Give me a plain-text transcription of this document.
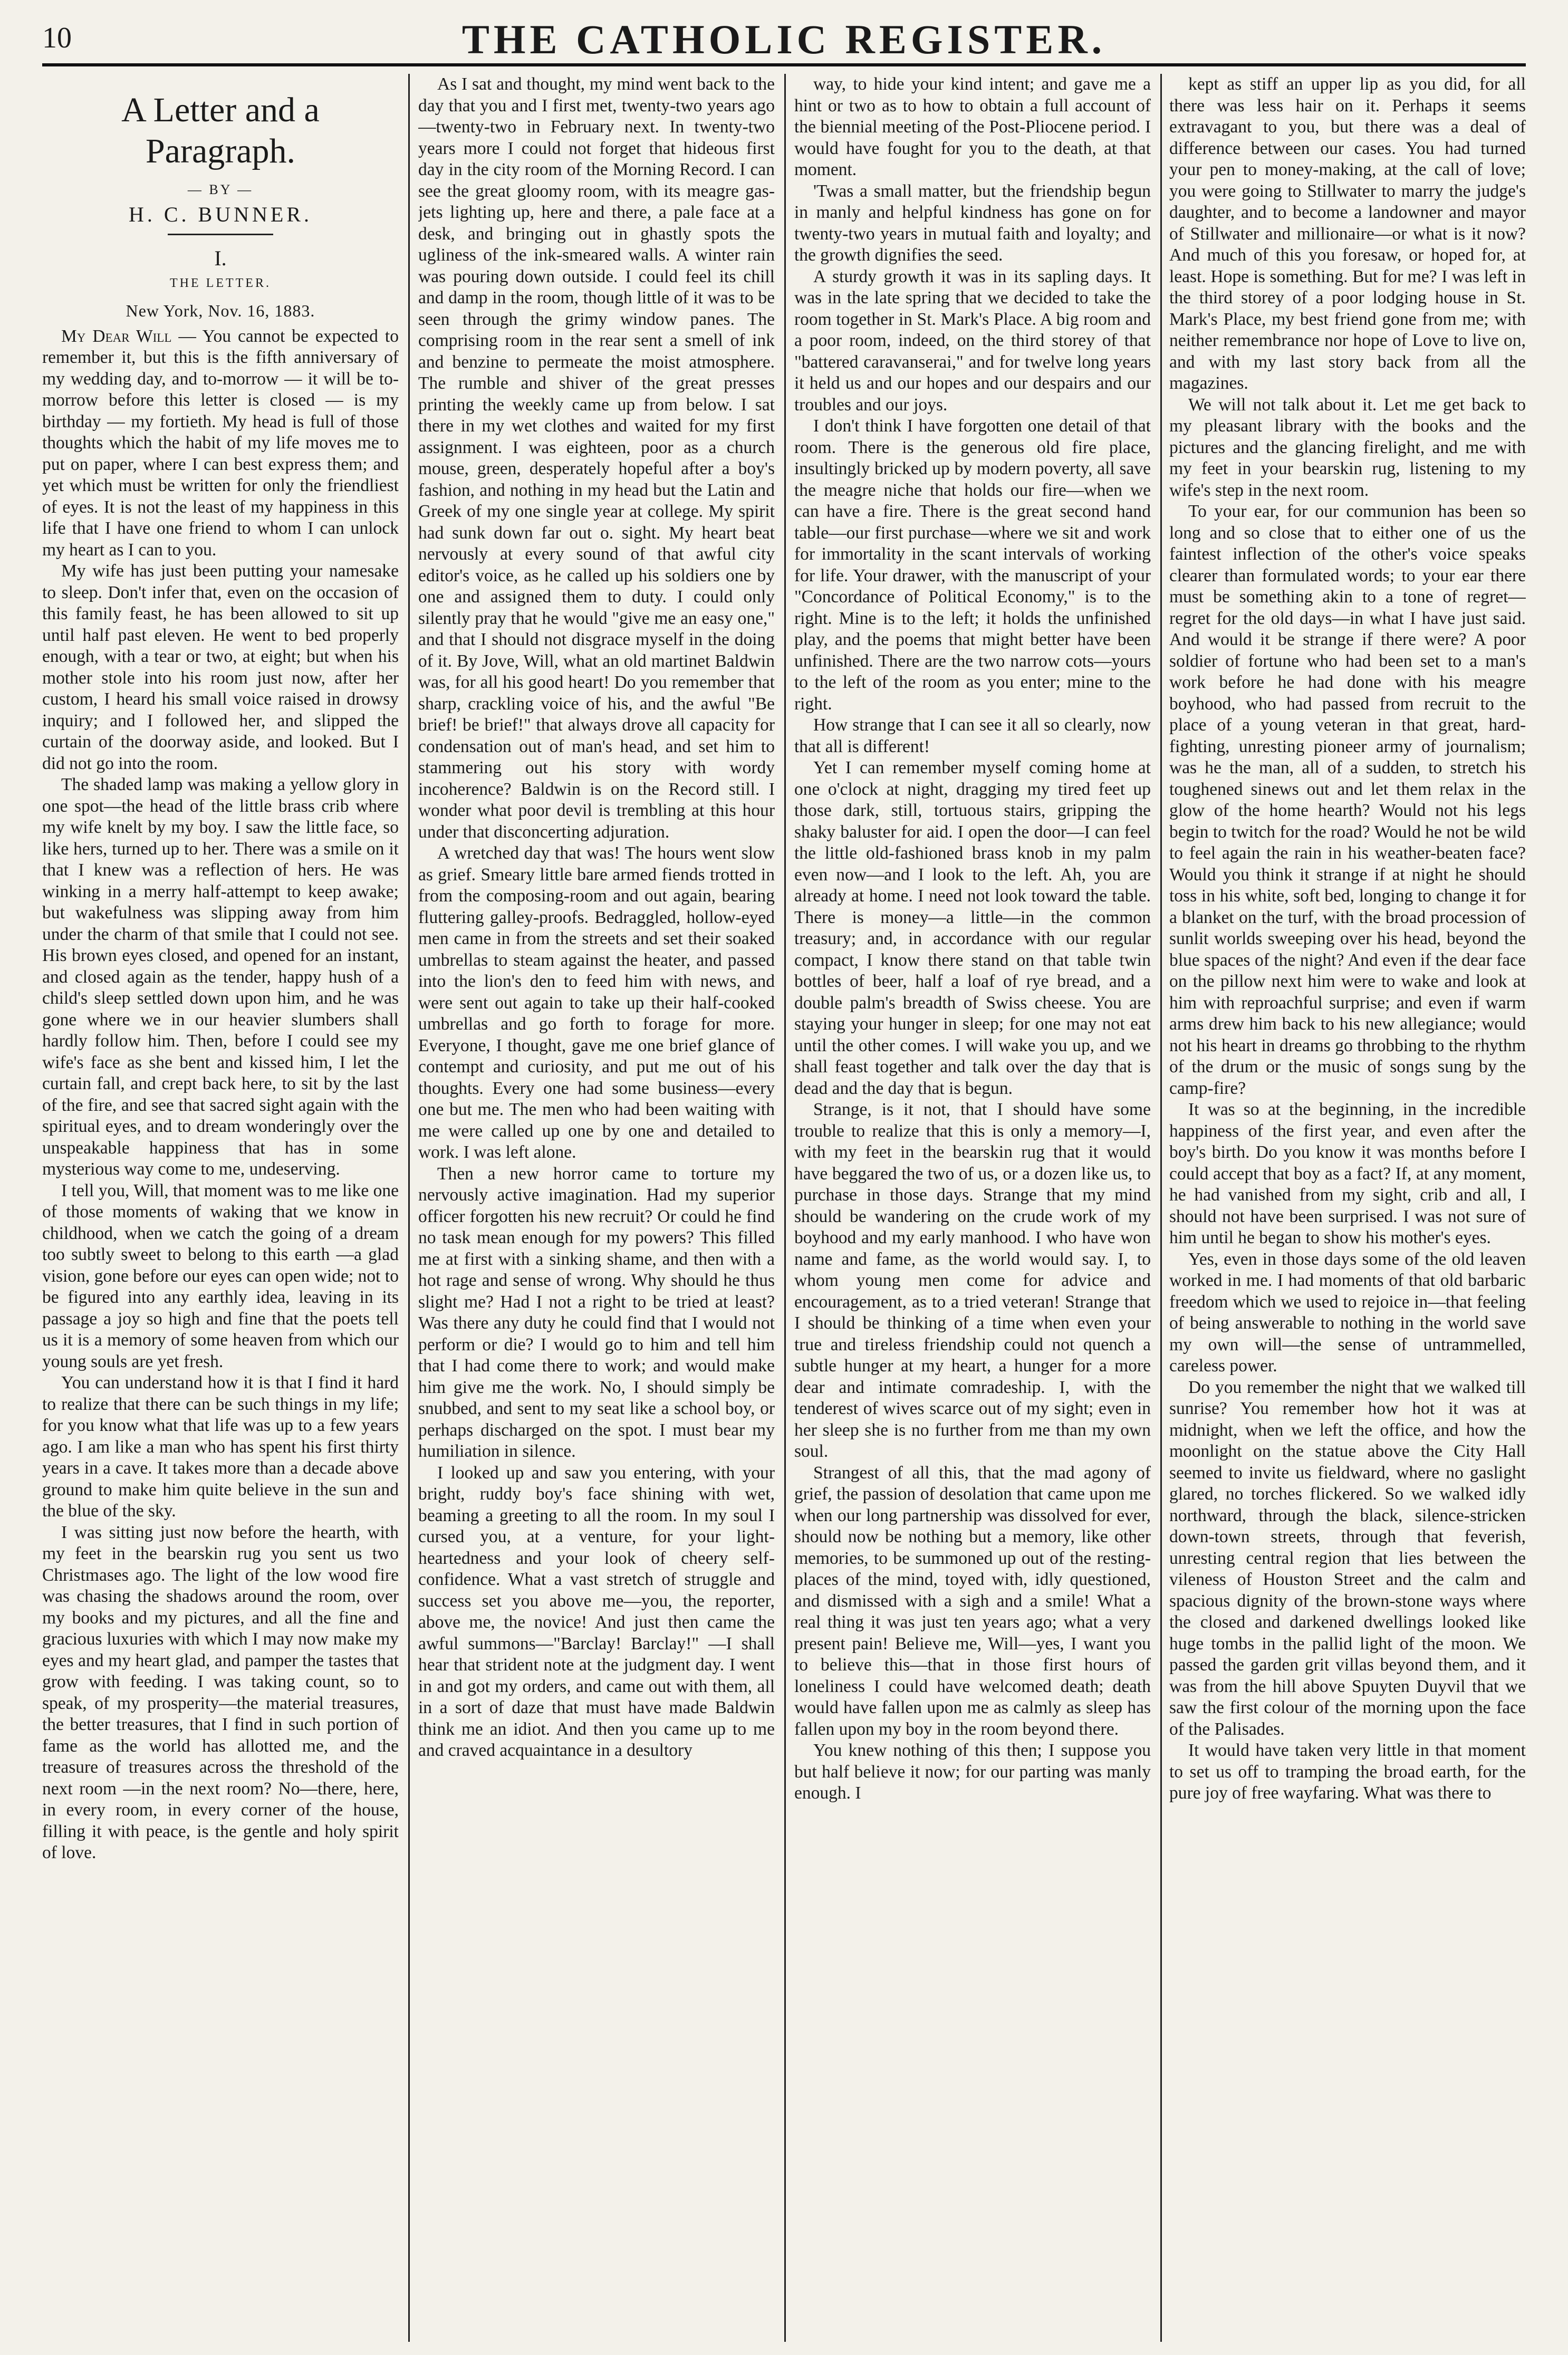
10	THE CATHOLIC REGISTER.
A Letter and a Paragraph.
— BY —
H. C. BUNNER.
I.
THE LETTER.
New York, Nov. 16, 1883.

My Dear Will — You cannot be expected to remember it, but this is the fifth anniversary of my wedding day, and to-morrow — it will be to-morrow before this letter is closed — is my birthday — my fortieth. My head is full of those thoughts which the habit of my life moves me to put on paper, where I can best express them; and yet which must be written for only the friendliest of eyes. It is not the least of my happiness in this life that I have one friend to whom I can unlock my heart as I can to you.

My wife has just been putting your namesake to sleep. Don't infer that, even on the occasion of this family feast, he has been allowed to sit up until half past eleven. He went to bed properly enough, with a tear or two, at eight; but when his mother stole into his room just now, after her custom, I heard his small voice raised in drowsy inquiry; and I followed her, and slipped the curtain of the doorway aside, and looked. But I did not go into the room.

The shaded lamp was making a yellow glory in one spot—the head of the little brass crib where my wife knelt by my boy. I saw the little face, so like hers, turned up to her. There was a smile on it that I knew was a reflection of hers. He was winking in a merry half-attempt to keep awake; but wakefulness was slipping away from him under the charm of that smile that I could not see. His brown eyes closed, and opened for an instant, and closed again as the tender, happy hush of a child's sleep settled down upon him, and he was gone where we in our heavier slumbers shall hardly follow him. Then, before I could see my wife's face as she bent and kissed him, I let the curtain fall, and crept back here, to sit by the last of the fire, and see that sacred sight again with the spiritual eyes, and to dream wonderingly over the unspeakable happiness that has in some mysterious way come to me, undeserving.

I tell you, Will, that moment was to me like one of those moments of waking that we know in childhood, when we catch the going of a dream too subtly sweet to belong to this earth —a glad vision, gone before our eyes can open wide; not to be figured into any earthly idea, leaving in its passage a joy so high and fine that the poets tell us it is a memory of some heaven from which our young souls are yet fresh.

You can understand how it is that I find it hard to realize that there can be such things in my life; for you know what that life was up to a few years ago. I am like a man who has spent his first thirty years in a cave. It takes more than a decade above ground to make him quite believe in the sun and the blue of the sky.

I was sitting just now before the hearth, with my feet in the bearskin rug you sent us two Christmases ago. The light of the low wood fire was chasing the shadows around the room, over my books and my pictures, and all the fine and gracious luxuries with which I may now make my eyes and my heart glad, and pamper the tastes that grow with feeding. I was taking count, so to speak, of my prosperity—the material treasures, the better treasures, that I find in such portion of fame as the world has allotted me, and the treasure of treasures across the threshold of the next room —in the next room? No—there, here, in every room, in every corner of the house, filling it with peace, is the gentle and holy spirit of love.

As I sat and thought, my mind went back to the day that you and I first met, twenty-two years ago—twenty-two in February next. In twenty-two years more I could not forget that hideous first day in the city room of the Morning Record. I can see the great gloomy room, with its meagre gas-jets lighting up, here and there, a pale face at a desk, and bringing out in ghastly spots the ugliness of the ink-smeared walls. A winter rain was pouring down outside. I could feel its chill and damp in the room, though little of it was to be seen through the grimy window panes. The comprising room in the rear sent a smell of ink and benzine to permeate the moist atmosphere. The rumble and shiver of the great presses printing the weekly came up from below. I sat there in my wet clothes and waited for my first assignment. I was eighteen, poor as a church mouse, green, desperately hopeful after a boy's fashion, and nothing in my head but the Latin and Greek of my one single year at college. My spirit had sunk down far out o. sight. My heart beat nervously at every sound of that awful city editor's voice, as he called up his soldiers one by one and assigned them to duty. I could only silently pray that he would "give me an easy one," and that I should not disgrace myself in the doing of it. By Jove, Will, what an old martinet Baldwin was, for all his good heart! Do you remember that sharp, crackling voice of his, and the awful "Be brief! be brief!" that always drove all capacity for condensation out of man's head, and set him to stammering out his story with wordy incoherence? Baldwin is on the Record still. I wonder what poor devil is trembling at this hour under that disconcerting adjuration.

A wretched day that was! The hours went slow as grief. Smeary little bare armed fiends trotted in from the composing-room and out again, bearing fluttering galley-proofs. Bedraggled, hollow-eyed men came in from the streets and set their soaked umbrellas to steam against the heater, and passed into the lion's den to feed him with news, and were sent out again to take up their half-cooked umbrellas and go forth to forage for more. Everyone, I thought, gave me one brief glance of contempt and curiosity, and put me out of his thoughts. Every one had some business—every one but me. The men who had been waiting with me were called up one by one and detailed to work. I was left alone.

Then a new horror came to torture my nervously active imagination. Had my superior officer forgotten his new recruit? Or could he find no task mean enough for my powers? This filled me at first with a sinking shame, and then with a hot rage and sense of wrong. Why should he thus slight me? Had I not a right to be tried at least? Was there any duty he could find that I would not perform or die? I would go to him and tell him that I had come there to work; and would make him give me the work. No, I should simply be snubbed, and sent to my seat like a school boy, or perhaps discharged on the spot. I must bear my humiliation in silence.

I looked up and saw you entering, with your bright, ruddy boy's face shining with wet, beaming a greeting to all the room. In my soul I cursed you, at a venture, for your light-heartedness and your look of cheery self-confidence. What a vast stretch of struggle and success set you above me—you, the reporter, above me, the novice! And just then came the awful summons—"Barclay! Barclay!" —I shall hear that strident note at the judgment day. I went in and got my orders, and came out with them, all in a sort of daze that must have made Baldwin think me an idiot. And then you came up to me and craved acquaintance in a desultory

way, to hide your kind intent; and gave me a hint or two as to how to obtain a full account of the biennial meeting of the Post-Pliocene period. I would have fought for you to the death, at that moment.

'Twas a small matter, but the friendship begun in manly and helpful kindness has gone on for twenty-two years in mutual faith and loyalty; and the growth dignifies the seed.

A sturdy growth it was in its sapling days. It was in the late spring that we decided to take the room together in St. Mark's Place. A big room and a poor room, indeed, on the third storey of that "battered caravanserai," and for twelve long years it held us and our hopes and our despairs and our troubles and our joys.

I don't think I have forgotten one detail of that room. There is the generous old fire place, insultingly bricked up by modern poverty, all save the meagre niche that holds our fire—when we can have a fire. There is the great second hand table—our first purchase—where we sit and work for immortality in the scant intervals of working for life. Your drawer, with the manuscript of your "Concordance of Political Economy," is to the right. Mine is to the left; it holds the unfinished play, and the poems that might better have been unfinished. There are the two narrow cots—yours to the left of the room as you enter; mine to the right.

How strange that I can see it all so clearly, now that all is different!

Yet I can remember myself coming home at one o'clock at night, dragging my tired feet up those dark, still, tortuous stairs, gripping the shaky baluster for aid. I open the door—I can feel the little old-fashioned brass knob in my palm even now—and I look to the left. Ah, you are already at home. I need not look toward the table. There is money—a little—in the common treasury; and, in accordance with our regular compact, I know there stand on that table twin bottles of beer, half a loaf of rye bread, and a double palm's breadth of Swiss cheese. You are staying your hunger in sleep; for one may not eat until the other comes. I will wake you up, and we shall feast together and talk over the day that is dead and the day that is begun.

Strange, is it not, that I should have some trouble to realize that this is only a memory—I, with my feet in the bearskin rug that it would have beggared the two of us, or a dozen like us, to purchase in those days. Strange that my mind should be wandering on the crude work of my boyhood and my early manhood. I who have won name and fame, as the world would say. I, to whom young men come for advice and encouragement, as to a tried veteran! Strange that I should be thinking of a time when even your true and tireless friendship could not quench a subtle hunger at my heart, a hunger for a more dear and intimate comradeship. I, with the tenderest of wives scarce out of my sight; even in her sleep she is no further from me than my own soul.

Strangest of all this, that the mad agony of grief, the passion of desolation that came upon me when our long partnership was dissolved for ever, should now be nothing but a memory, like other memories, to be summoned up out of the resting-places of the mind, toyed with, idly questioned, and dismissed with a sigh and a smile! What a real thing it was just ten years ago; what a very present pain! Believe me, Will—yes, I want you to believe this—that in those first hours of loneliness I could have welcomed death; death would have fallen upon me as calmly as sleep has fallen upon my boy in the room beyond there.

You knew nothing of this then; I suppose you but half believe it now; for our parting was manly enough. I

kept as stiff an upper lip as you did, for all there was less hair on it. Perhaps it seems extravagant to you, but there was a deal of difference between our cases. You had turned your pen to money-making, at the call of love; you were going to Stillwater to marry the judge's daughter, and to become a landowner and mayor of Stillwater and millionaire—or what is it now? And much of this you foresaw, or hoped for, at least. Hope is something. But for me? I was left in the third storey of a poor lodging house in St. Mark's Place, my best friend gone from me; with neither remembrance nor hope of Love to live on, and with my last story back from all the magazines.

We will not talk about it. Let me get back to my pleasant library with the books and the pictures and the glancing firelight, and me with my feet in your bearskin rug, listening to my wife's step in the next room.

To your ear, for our communion has been so long and so close that to either one of us the faintest inflection of the other's voice speaks clearer than formulated words; to your ear there must be something akin to a tone of regret—regret for the old days—in what I have just said. And would it be strange if there were? A poor soldier of fortune who had been set to a man's work before he had done with his meagre boyhood, who had passed from recruit to the place of a young veteran in that great, hard-fighting, unresting pioneer army of journalism; was he the man, all of a sudden, to stretch his toughened sinews out and let them relax in the glow of the home hearth? Would not his legs begin to twitch for the road? Would he not be wild to feel again the rain in his weather-beaten face? Would you think it strange if at night he should toss in his white, soft bed, longing to change it for a blanket on the turf, with the broad procession of sunlit worlds sweeping over his head, beyond the blue spaces of the night? And even if the dear face on the pillow next him were to wake and look at him with reproachful surprise; and even if warm arms drew him back to his new allegiance; would not his heart in dreams go throbbing to the rhythm of the drum or the music of songs sung by the camp-fire?

It was so at the beginning, in the incredible happiness of the first year, and even after the boy's birth. Do you know it was months before I could accept that boy as a fact? If, at any moment, he had vanished from my sight, crib and all, I should not have been surprised. I was not sure of him until he began to show his mother's eyes.

Yes, even in those days some of the old leaven worked in me. I had moments of that old barbaric freedom which we used to rejoice in—that feeling of being answerable to nothing in the world save my own will—the sense of untrammelled, careless power.

Do you remember the night that we walked till sunrise? You remember how hot it was at midnight, when we left the office, and how the moonlight on the statue above the City Hall seemed to invite us fieldward, where no gaslight glared, no torches flickered. So we walked idly northward, through the black, silence-stricken down-town streets, through that feverish, unresting central region that lies between the vileness of Houston Street and the calm and spacious dignity of the brown-stone ways where the closed and darkened dwellings looked like huge tombs in the pallid light of the moon. We passed the garden grit villas beyond them, and it was from the hill above Spuyten Duyvil that we saw the first colour of the morning upon the face of the Palisades.

It would have taken very little in that moment to set us off to tramping the broad earth, for the pure joy of free wayfaring. What was there to
